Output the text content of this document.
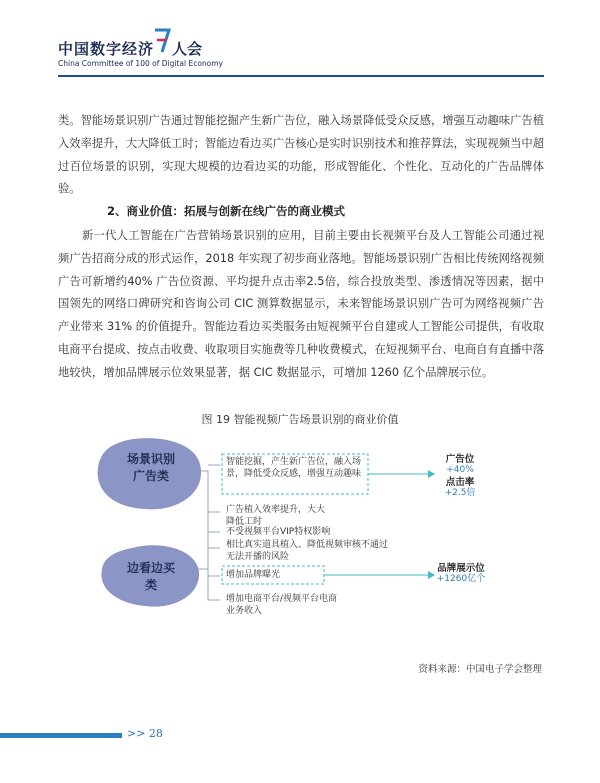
中国数字经济 人会
China Committee of 100 of Digital Economy

类。智能场景识别广告通过智能挖掘产生新广告位，融入场景降低受众反感，增强互动趣味广告植入效率提升，大大降低工时；智能边看边买广告核心是实时识别技术和推荐算法，实现视频当中超过百位场景的识别，实现大规模的边看边买的功能，形成智能化、个性化、互动化的广告品牌体验。

2、商业价值：拓展与创新在线广告的商业模式

新一代人工智能在广告营销场景识别的应用，目前主要由长视频平台及人工智能公司通过视频广告招商分成的形式运作，2018 年实现了初步商业落地。智能场景识别广告相比传统网络视频广告可新增约40% 广告位资源、平均提升点击率2.5倍，综合投放类型、渗透情况等因素，据中国领先的网络口碑研究和咨询公司 CIC 测算数据显示，未来智能场景识别广告可为网络视频广告产业带来 31% 的价值提升。智能边看边买类服务由短视频平台自建或人工智能公司提供，有收取电商平台提成、按点击收费、收取项目实施费等几种收费模式，在短视频平台、电商自有直播中落地较快，增加品牌展示位效果显著，据 CIC 数据显示，可增加 1260 亿个品牌展示位。

图 19 智能视频广告场景识别的商业价值

场景识别广告类

边看边买类

智能挖掘，产生新广告位，融入场景，降低受众反感，增强互动趣味

广告植入效率提升，大大降低工时

不受视频平台VIP特权影响

相比真实道具植入、降低视频审核不通过无法开播的风险

增加品牌曝光

增加电商平台/视频平台电商业务收入

广告位
+40%
点击率
+2.5倍
品牌展示位
+1260亿个

资料来源：中国电子学会整理

>> 28
